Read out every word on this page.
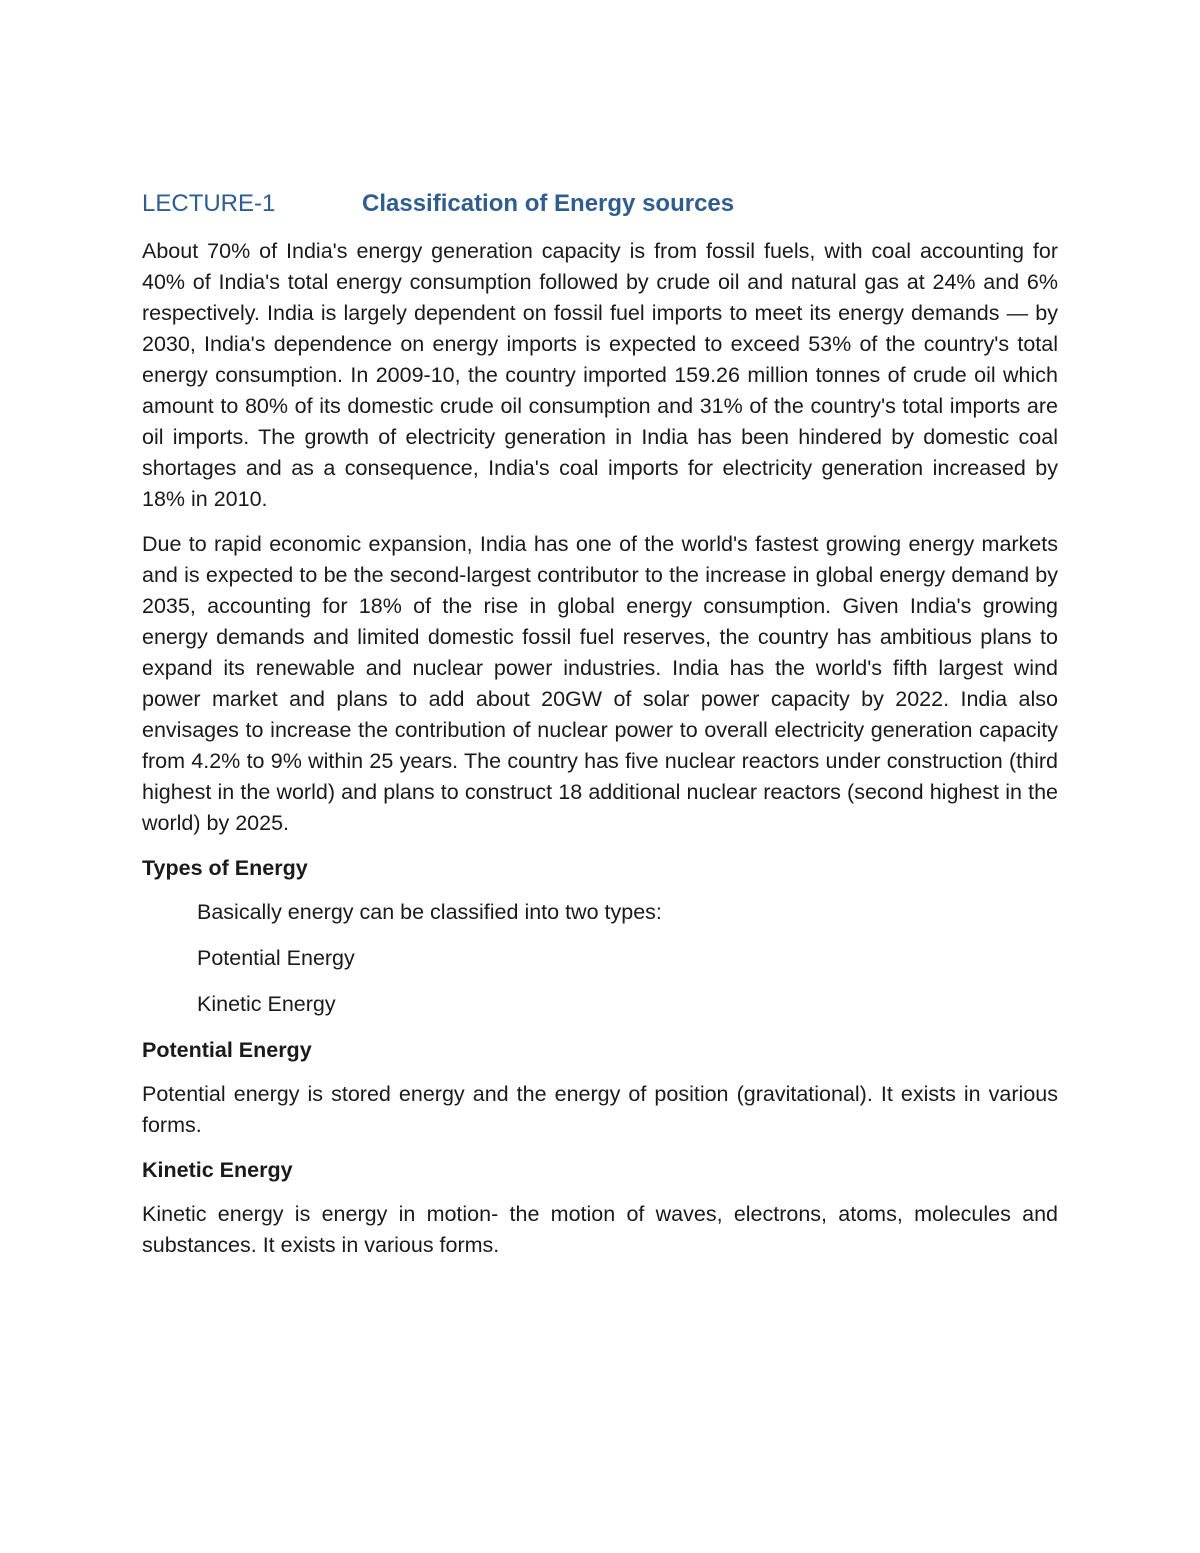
LECTURE-1	Classification of Energy sources

About 70% of India's energy generation capacity is from fossil fuels, with coal accounting for 40% of India's total energy consumption followed by crude oil and natural gas at 24% and 6% respectively. India is largely dependent on fossil fuel imports to meet its energy demands — by 2030, India's dependence on energy imports is expected to exceed 53% of the country's total energy consumption. In 2009-10, the country imported 159.26 million tonnes of crude oil which amount to 80% of its domestic crude oil consumption and 31% of the country's total imports are oil imports. The growth of electricity generation in India has been hindered by domestic coal shortages and as a consequence, India's coal imports for electricity generation increased by 18% in 2010.

Due to rapid economic expansion, India has one of the world's fastest growing energy markets and is expected to be the second-largest contributor to the increase in global energy demand by 2035, accounting for 18% of the rise in global energy consumption. Given India's growing energy demands and limited domestic fossil fuel reserves, the country has ambitious plans to expand its renewable and nuclear power industries. India has the world's fifth largest wind power market and plans to add about 20GW of solar power capacity by 2022. India also envisages to increase the contribution of nuclear power to overall electricity generation capacity from 4.2% to 9% within 25 years. The country has five nuclear reactors under construction (third highest in the world) and plans to construct 18 additional nuclear reactors (second highest in the world) by 2025.

Types of Energy
Basically energy can be classified into two types:
Potential Energy
Kinetic Energy
Potential Energy

Potential energy is stored energy and the energy of position (gravitational). It exists in various forms.

Kinetic Energy

Kinetic energy is energy in motion- the motion of waves, electrons, atoms, molecules and substances. It exists in various forms.
